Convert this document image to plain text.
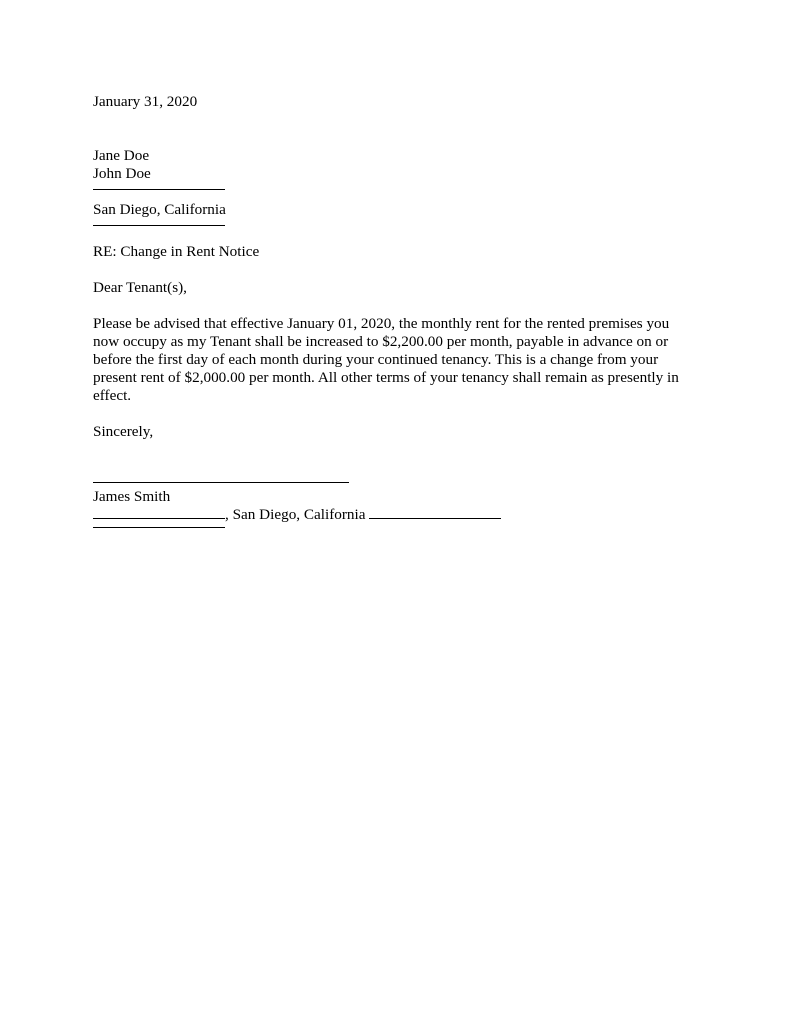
January 31, 2020
Jane Doe
John Doe
San Diego, California
RE: Change in Rent Notice
Dear Tenant(s),

Please be advised that effective January 01, 2020, the monthly rent for the rented premises you now occupy as my Tenant shall be increased to $2,200.00 per month, payable in advance on or before the first day of each month during your continued tenancy. This is a change from your present rent of $2,000.00 per month. All other terms of your tenancy shall remain as presently in effect.

Sincerely,
James Smith
, San Diego, California
